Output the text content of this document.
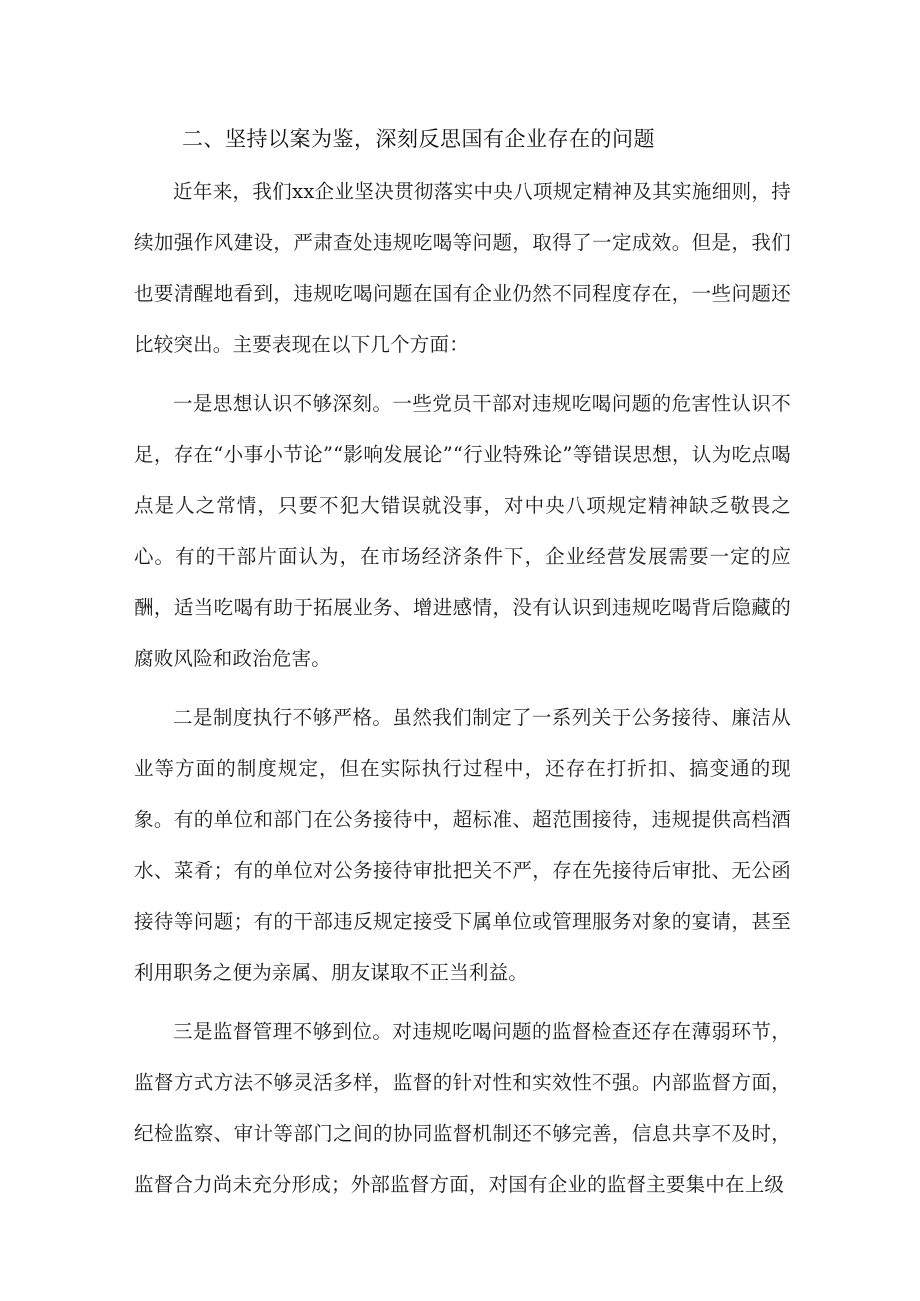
二、坚持以案为鉴，深刻反思国有企业存在的问题

近年来，我们xx企业坚决贯彻落实中央八项规定精神及其实施细则，持续加强作风建设，严肃查处违规吃喝等问题，取得了一定成效。但是，我们也要清醒地看到，违规吃喝问题在国有企业仍然不同程度存在，一些问题还比较突出。主要表现在以下几个方面：

一是思想认识不够深刻。一些党员干部对违规吃喝问题的危害性认识不足，存在“小事小节论”“影响发展论”“行业特殊论”等错误思想，认为吃点喝点是人之常情，只要不犯大错误就没事，对中央八项规定精神缺乏敬畏之心。有的干部片面认为，在市场经济条件下，企业经营发展需要一定的应酬，适当吃喝有助于拓展业务、增进感情，没有认识到违规吃喝背后隐藏的腐败风险和政治危害。

二是制度执行不够严格。虽然我们制定了一系列关于公务接待、廉洁从业等方面的制度规定，但在实际执行过程中，还存在打折扣、搞变通的现象。有的单位和部门在公务接待中，超标准、超范围接待，违规提供高档酒水、菜肴；有的单位对公务接待审批把关不严，存在先接待后审批、无公函接待等问题；有的干部违反规定接受下属单位或管理服务对象的宴请，甚至利用职务之便为亲属、朋友谋取不正当利益。

三是监督管理不够到位。对违规吃喝问题的监督检查还存在薄弱环节，监督方式方法不够灵活多样，监督的针对性和实效性不强。内部监督方面，纪检监察、审计等部门之间的协同监督机制还不够完善，信息共享不及时，监督合力尚未充分形成；外部监督方面，对国有企业的监督主要集中在上级
